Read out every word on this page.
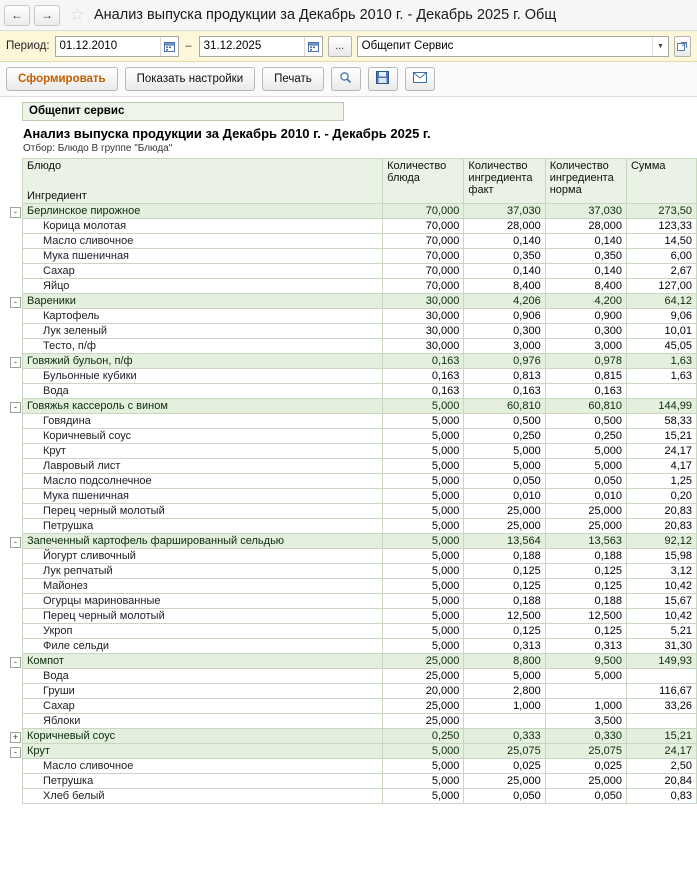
← → ☆ Анализ выпуска продукции за Декабрь 2010 г. - Декабрь 2025 г. Общ
Период:
01.12.2010	–
31.12.2025	...	Общепит Сервис	▼
Сформировать	Показать настройки	Печать
Общепит сервис
Анализ выпуска продукции за Декабрь 2010 г. - Декабрь 2025 г.
Отбор: Блюдо В группе "Блюда"
Блюдо
Ингредиент

Количество
блюда

Количество
ингредиента
факт

Количество
ингредиента
норма

Сумма

- Берлинское пирожное	70,000	37,030	37,030	273,50

Корица молотая	70,000	28,000	28,000	123,33

Масло сливочное	70,000	0,140	0,140	14,50

Мука пшеничная	70,000	0,350	0,350	6,00

Сахар	70,000	0,140	0,140	2,67

Яйцо	70,000	8,400	8,400	127,00

- Вареники	30,000	4,206	4,200	64,12

Картофель	30,000	0,906	0,900	9,06

Лук зеленый	30,000	0,300	0,300	10,01

Тесто, п/ф	30,000	3,000	3,000	45,05

- Говяжий бульон, п/ф	0,163	0,976	0,978	1,63

Бульонные кубики	0,163	0,813	0,815	1,63

Вода	0,163	0,163	0,163	

- Говяжья кассероль с вином	5,000	60,810	60,810	144,99

Говядина	5,000	0,500	0,500	58,33

Коричневый соус	5,000	0,250	0,250	15,21

Крут	5,000	5,000	5,000	24,17

Лавровый лист	5,000	5,000	5,000	4,17

Масло подсолнечное	5,000	0,050	0,050	1,25

Мука пшеничная	5,000	0,010	0,010	0,20

Перец черный молотый	5,000	25,000	25,000	20,83

Петрушка	5,000	25,000	25,000	20,83

- Запеченный картофель фаршированный сельдью	5,000	13,564	13,563	92,12

Йогурт сливочный	5,000	0,188	0,188	15,98

Лук репчатый	5,000	0,125	0,125	3,12

Майонез	5,000	0,125	0,125	10,42

Огурцы маринованные	5,000	0,188	0,188	15,67

Перец черный молотый	5,000	12,500	12,500	10,42

Укроп	5,000	0,125	0,125	5,21

Филе сельди	5,000	0,313	0,313	31,30

- Компот	25,000	8,800	9,500	149,93

Вода	25,000	5,000	5,000	

Груши	20,000	2,800		116,67

Сахар	25,000	1,000	1,000	33,26

Яблоки	25,000		3,500	

+ Коричневый соус	0,250	0,333	0,330	15,21

- Крут	5,000	25,075	25,075	24,17

Масло сливочное	5,000	0,025	0,025	2,50

Петрушка	5,000	25,000	25,000	20,84

Хлеб белый	5,000	0,050	0,050	0,83
